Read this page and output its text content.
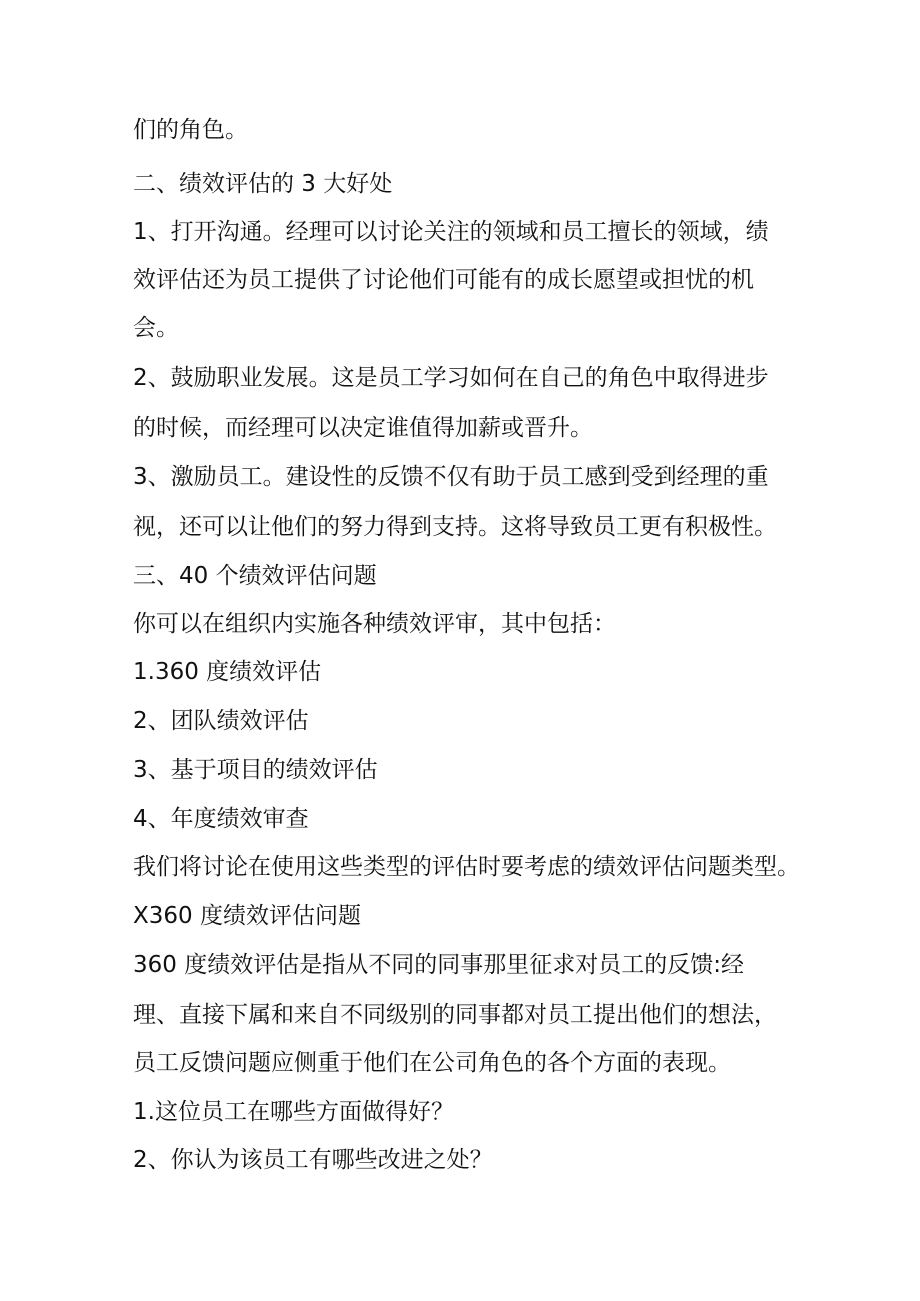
们的角色。
二、绩效评估的 3 大好处
1、打开沟通。经理可以讨论关注的领域和员工擅长的领域，绩
效评估还为员工提供了讨论他们可能有的成长愿望或担忧的机
会。
2、鼓励职业发展。这是员工学习如何在自己的角色中取得进步
的时候，而经理可以决定谁值得加薪或晋升。
3、激励员工。建设性的反馈不仅有助于员工感到受到经理的重
视，还可以让他们的努力得到支持。这将导致员工更有积极性。
三、40 个绩效评估问题
你可以在组织内实施各种绩效评审，其中包括：
1.360 度绩效评估
2、团队绩效评估
3、基于项目的绩效评估
4、年度绩效审查
我们将讨论在使用这些类型的评估时要考虑的绩效评估问题类型。
X360 度绩效评估问题
360 度绩效评估是指从不同的同事那里征求对员工的反馈:经
理、直接下属和来自不同级别的同事都对员工提出他们的想法，
员工反馈问题应侧重于他们在公司角色的各个方面的表现。
1.这位员工在哪些方面做得好？
2、你认为该员工有哪些改进之处？
